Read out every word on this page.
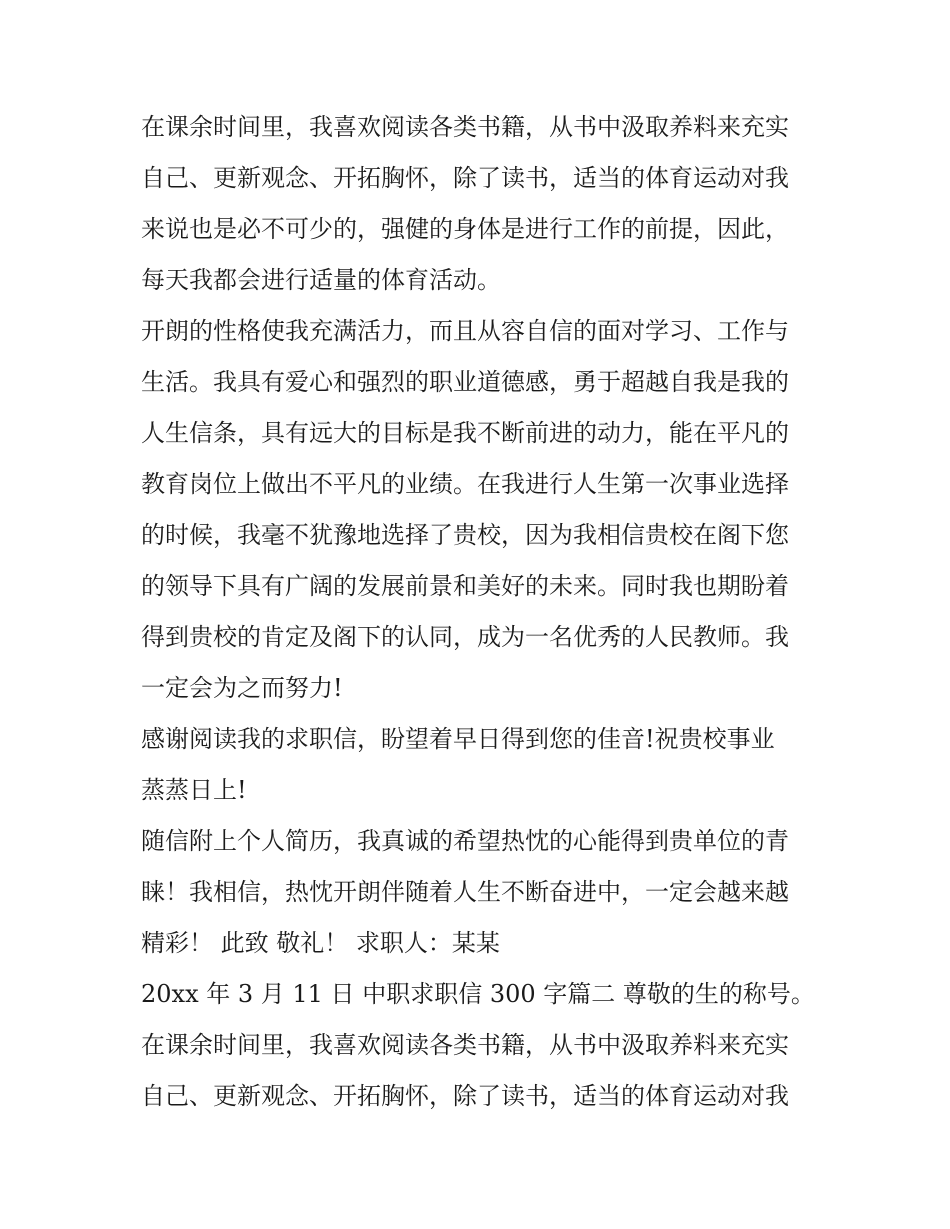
在课余时间里，我喜欢阅读各类书籍，从书中汲取养料来充实
自己、更新观念、开拓胸怀，除了读书，适当的体育运动对我
来说也是必不可少的，强健的身体是进行工作的前提，因此，
每天我都会进行适量的体育活动。
开朗的性格使我充满活力，而且从容自信的面对学习、工作与
生活。我具有爱心和强烈的职业道德感，勇于超越自我是我的
人生信条，具有远大的目标是我不断前进的动力，能在平凡的
教育岗位上做出不平凡的业绩。在我进行人生第一次事业选择
的时候，我毫不犹豫地选择了贵校，因为我相信贵校在阁下您
的领导下具有广阔的发展前景和美好的未来。同时我也期盼着
得到贵校的肯定及阁下的认同，成为一名优秀的人民教师。我
一定会为之而努力!
感谢阅读我的求职信，盼望着早日得到您的佳音!祝贵校事业
蒸蒸日上!
随信附上个人简历，我真诚的希望热忱的心能得到贵单位的青
睐！我相信，热忱开朗伴随着人生不断奋进中，一定会越来越
精彩！ 此致 敬礼！ 求职人：某某
20xx 年 3 月 11 日 中职求职信 300 字篇二 尊敬的生的称号。
在课余时间里，我喜欢阅读各类书籍，从书中汲取养料来充实
自己、更新观念、开拓胸怀，除了读书，适当的体育运动对我
